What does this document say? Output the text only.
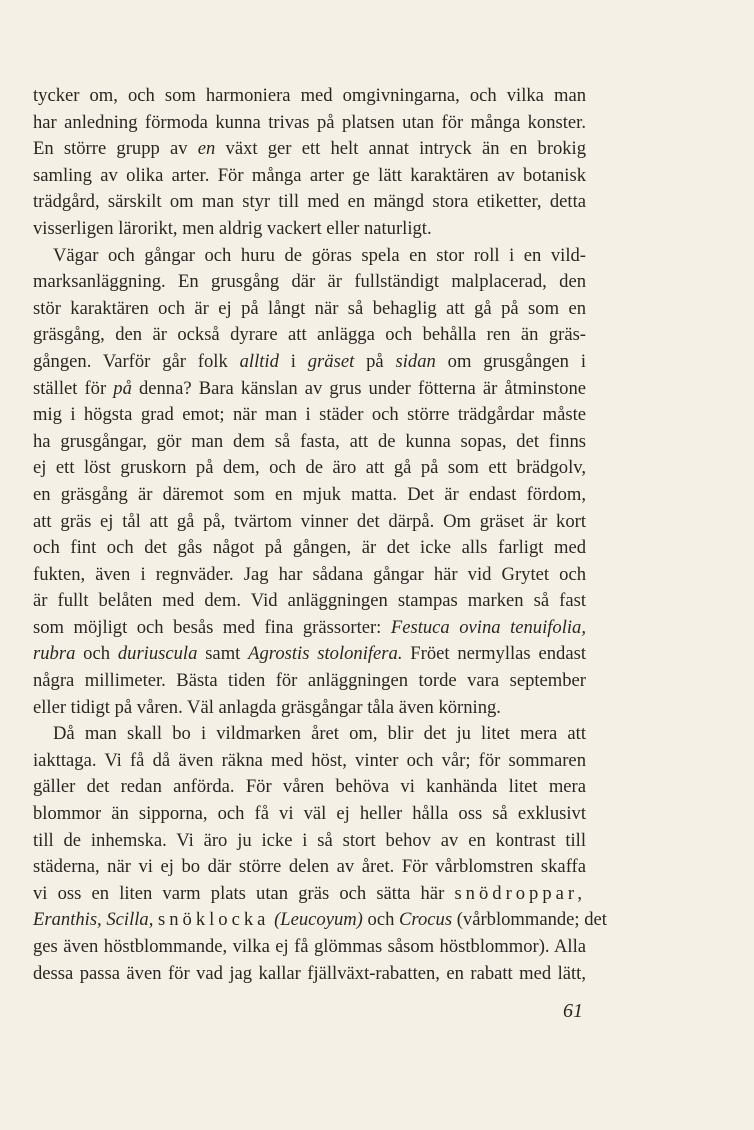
tycker om, och som harmoniera med omgivningarna, och vilka man
har anledning förmoda kunna trivas på platsen utan för många konster.
En större grupp av en växt ger ett helt annat intryck än en brokig
samling av olika arter. För många arter ge lätt karaktären av botanisk
trädgård, särskilt om man styr till med en mängd stora etiketter, detta
visserligen lärorikt, men aldrig vackert eller naturligt.
Vägar och gångar och huru de göras spela en stor roll i en vild-
marksanläggning. En grusgång där är fullständigt malplacerad, den
stör karaktären och är ej på långt när så behaglig att gå på som en
gräsgång, den är också dyrare att anlägga och behålla ren än gräs-
gången. Varför går folk alltid i gräset på sidan om grusgången i
stället för på denna? Bara känslan av grus under fötterna är åtminstone
mig i högsta grad emot; när man i städer och större trädgårdar måste
ha grusgångar, gör man dem så fasta, att de kunna sopas, det finns
ej ett löst gruskorn på dem, och de äro att gå på som ett brädgolv,
en gräsgång är däremot som en mjuk matta. Det är endast fördom,
att gräs ej tål att gå på, tvärtom vinner det därpå. Om gräset är kort
och fint och det gås något på gången, är det icke alls farligt med
fukten, även i regnväder. Jag har sådana gångar här vid Grytet och
är fullt belåten med dem. Vid anläggningen stampas marken så fast
som möjligt och besås med fina grässorter: Festuca ovina tenuifolia,
rubra och duriuscula samt Agrostis stolonifera. Fröet nermyllas endast
några millimeter. Bästa tiden för anläggningen torde vara september
eller tidigt på våren. Väl anlagda gräsgångar tåla även körning.
Då man skall bo i vildmarken året om, blir det ju litet mera att
iakttaga. Vi få då även räkna med höst, vinter och vår; för sommaren
gäller det redan anförda. För våren behöva vi kanhända litet mera
blommor än sipporna, och få vi väl ej heller hålla oss så exklusivt
till de inhemska. Vi äro ju icke i så stort behov av en kontrast till
städerna, när vi ej bo där större delen av året. För vårblomstren skaffa
vi oss en liten varm plats utan gräs och sätta här snödroppar,
Eranthis, Scilla, snöklocka (Leucoyum) och Crocus (vårblommande; det
ges även höstblommande, vilka ej få glömmas såsom höstblommor). Alla
dessa passa även för vad jag kallar fjällväxt-rabatten, en rabatt med lätt,
61
